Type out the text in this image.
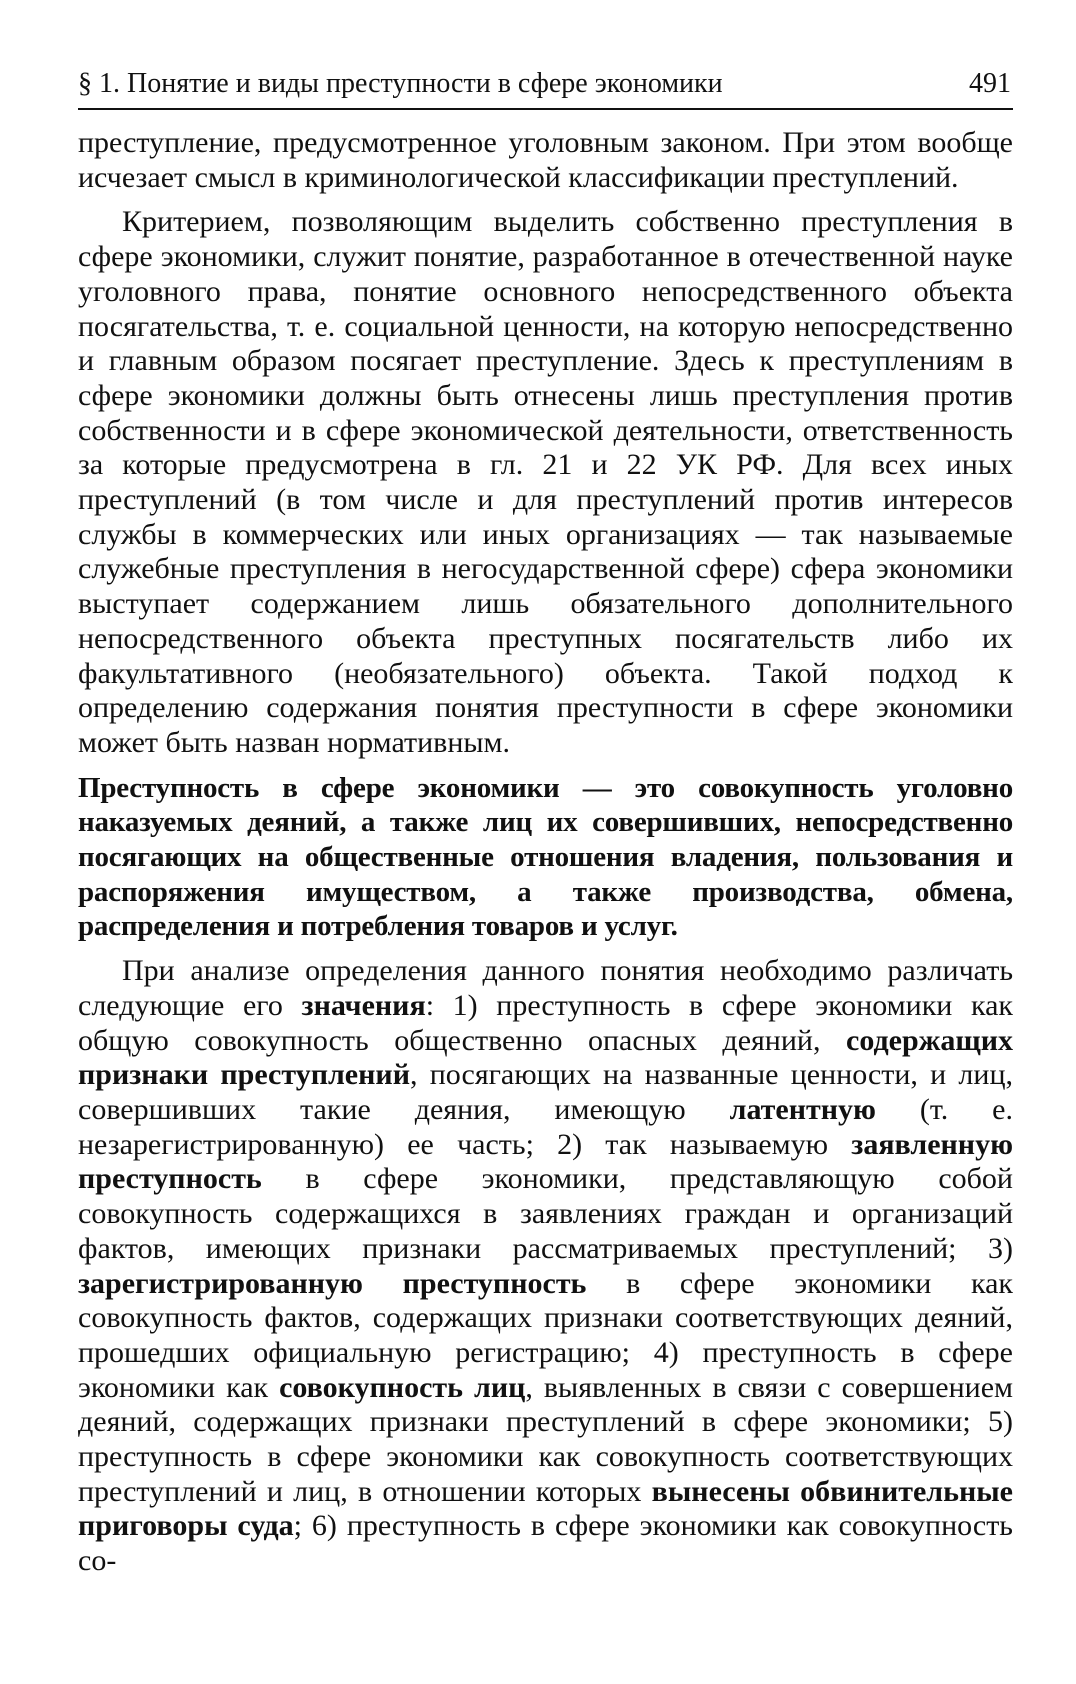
§ 1. Понятие и виды преступности в сфере экономики	491

преступление, предусмотренное уголовным законом. При этом вообще исчезает смысл в криминологической классификации преступлений.

Критерием, позволяющим выделить собственно преступления в сфере экономики, служит понятие, разработанное в отечественной науке уголовного права, понятие основного непосредственного объекта посягательства, т. е. социальной ценности, на которую непосредственно и главным образом посягает преступление. Здесь к преступлениям в сфере экономики должны быть отнесены лишь преступления против собственности и в сфере экономической деятельности, ответственность за которые предусмотрена в гл. 21 и 22 УК РФ. Для всех иных преступлений (в том числе и для преступлений против интересов службы в коммерческих или иных организациях — так называемые служебные преступления в негосударственной сфере) сфера экономики выступает содержанием лишь обязательного дополнительного непосредственного объекта преступных посягательств либо их факультативного (необязательного) объекта. Такой подход к определению содержания понятия преступности в сфере экономики может быть назван нормативным.

Преступность в сфере экономики — это совокупность уголовно наказуемых деяний, а также лиц их совершивших, непосредственно посягающих на общественные отношения владения, пользования и распоряжения имуществом, а также производства, обмена, распределения и потребления товаров и услуг.

При анализе определения данного понятия необходимо различать следующие его значения: 1) преступность в сфере экономики как общую совокупность общественно опасных деяний, содержащих признаки преступлений, посягающих на названные ценности, и лиц, совершивших такие деяния, имеющую латентную (т. е. незарегистрированную) ее часть; 2) так называемую заявленную преступность в сфере экономики, представляющую собой совокупность содержащихся в заявлениях граждан и организаций фактов, имеющих признаки рассматриваемых преступлений; 3) зарегистрированную преступность в сфере экономики как совокупность фактов, содержащих признаки соответствующих деяний, прошедших официальную регистрацию; 4) преступность в сфере экономики как совокупность лиц, выявленных в связи с совершением деяний, содержащих признаки преступлений в сфере экономики; 5) преступность в сфере экономики как совокупность соответствующих преступлений и лиц, в отношении которых вынесены обвинительные приговоры суда; 6) преступность в сфере экономики как совокупность со-
